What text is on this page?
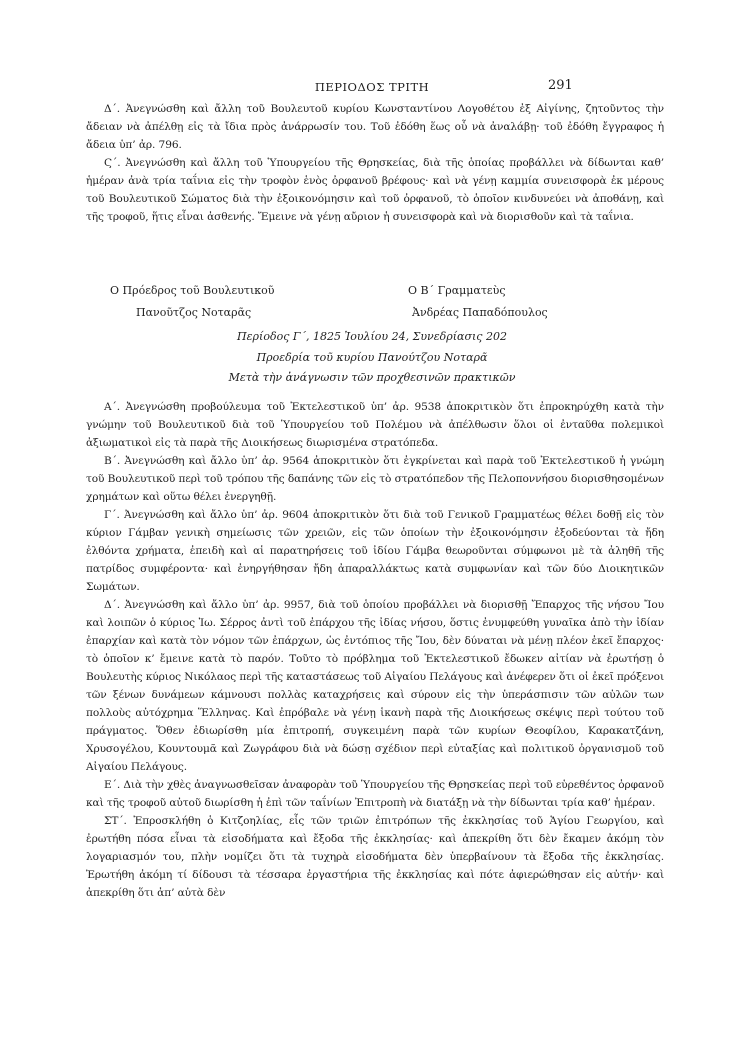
ΠΕΡΙΟΔΟΣ ΤΡΙΤΗ	291

Δ΄. Ἀνεγνώσθη καὶ ἄλλη τοῦ Βουλευτοῦ κυρίου Κωνσταντίνου Λογοθέτου ἐξ Αἰγίνης, ζητοῦντος τὴν ἄδειαν νὰ ἀπέλθῃ εἰς τὰ ἴδια πρὸς ἀνάρρωσίν του. Τοῦ ἐδόθη ἕως οὗ νὰ ἀναλάβῃ· τοῦ ἐδόθη ἔγγραφος ἡ ἄδεια ὑπ’ ἀρ. 796.

Ϛ΄. Ἀνεγνώσθη καὶ ἄλλη τοῦ Ὑπουργείου τῆς Θρησκείας, διὰ τῆς ὁποίας προβάλλει νὰ δίδωνται καθ’ ἡμέραν ἀνὰ τρία ταΐνια εἰς τὴν τροφὸν ἑνὸς ὀρφανοῦ βρέφους· καὶ νὰ γένῃ καμμία συνεισφορὰ ἐκ μέρους τοῦ Βουλευτικοῦ Σώματος διὰ τὴν ἐξοικονόμησιν καὶ τοῦ ὀρφανοῦ, τὸ ὁποῖον κινδυνεύει νὰ ἀποθάνῃ, καὶ τῆς τροφοῦ, ἥτις εἶναι ἀσθενής. Ἔμεινε νὰ γένῃ αὔριον ἡ συνεισφορὰ καὶ νὰ διορισθοῦν καὶ τὰ ταΐνια.

Ο Πρόεδρος τοῦ Βουλευτικοῦ
Πανοῦτζος Νοταρᾶς
Ο Β΄ Γραμματεὺς
Ἀνδρέας Παπαδόπουλος
Περίοδος Γ΄, 1825 Ἰουλίου 24, Συνεδρίασις 202
Προεδρία τοῦ κυρίου Πανούτζου Νοταρᾶ
Μετὰ τὴν ἀνάγνωσιν τῶν προχθεσινῶν πρακτικῶν

Α΄. Ἀνεγνώσθη προβούλευμα τοῦ Ἐκτελεστικοῦ ὑπ’ ἀρ. 9538 ἀποκριτικὸν ὅτι ἐπροκηρύχθη κατὰ τὴν γνώμην τοῦ Βουλευτικοῦ διὰ τοῦ Ὑπουργείου τοῦ Πολέμου νὰ ἀπέλθωσιν ὅλοι οἱ ἐνταῦθα πολεμικοὶ ἀξιωματικοὶ εἰς τὰ παρὰ τῆς Διοικήσεως διωρισμένα στρατόπεδα.

Β΄. Ἀνεγνώσθη καὶ ἄλλο ὑπ’ ἀρ. 9564 ἀποκριτικὸν ὅτι ἐγκρίνεται καὶ παρὰ τοῦ Ἐκτελεστικοῦ ἡ γνώμη τοῦ Βουλευτικοῦ περὶ τοῦ τρόπου τῆς δαπάνης τῶν εἰς τὸ στρατόπεδον τῆς Πελοποννήσου διορισθησομένων χρημάτων καὶ οὕτω θέλει ἐνεργηθῇ.

Γ΄. Ἀνεγνώσθη καὶ ἄλλο ὑπ’ ἀρ. 9604 ἀποκριτικὸν ὅτι διὰ τοῦ Γενικοῦ Γραμματέως θέλει δοθῇ εἰς τὸν κύριον Γάμβαν γενικὴ σημείωσις τῶν χρειῶν, εἰς τῶν ὁποίων τὴν ἐξοικονόμησιν ἐξοδεύονται τὰ ἤδη ἐλθόντα χρήματα, ἐπειδὴ καὶ αἱ παρατηρήσεις τοῦ ἰδίου Γάμβα θεωροῦνται σύμφωνοι μὲ τὰ ἀληθῆ τῆς πατρίδος συμφέροντα· καὶ ἐνηργήθησαν ἤδη ἀπαραλλάκτως κατὰ συμφωνίαν καὶ τῶν δύο Διοικητικῶν Σωμάτων.

Δ΄. Ἀνεγνώσθη καὶ ἄλλο ὑπ’ ἀρ. 9957, διὰ τοῦ ὁποίου προβάλλει νὰ διορισθῇ Ἔπαρχος τῆς νήσου Ἴου καὶ λοιπῶν ὁ κύριος Ἰω. Σέρρος ἀντὶ τοῦ ἐπάρχου τῆς ἰδίας νήσου, ὅστις ἐνυμφεύθη γυναῖκα ἀπὸ τὴν ἰδίαν ἐπαρχίαν καὶ κατὰ τὸν νόμον τῶν ἐπάρχων, ὡς ἐντόπιος τῆς Ἴου, δὲν δύναται νὰ μένῃ πλέον ἐκεῖ ἔπαρχος· τὸ ὁποῖον κ’ ἔμεινε κατὰ τὸ παρόν. Τοῦτο τὸ πρόβλημα τοῦ Ἐκτελεστικοῦ ἔδωκεν αἰτίαν νὰ ἐρωτήσῃ ὁ Βουλευτὴς κύριος Νικόλαος περὶ τῆς καταστάσεως τοῦ Αἰγαίου Πελάγους καὶ ἀνέφερεν ὅτι οἱ ἐκεῖ πρόξενοι τῶν ξένων δυνάμεων κάμνουσι πολλὰς καταχρήσεις καὶ σύρουν εἰς τὴν ὑπεράσπισιν τῶν αὐλῶν των πολλοὺς αὐτόχρημα Ἕλληνας. Καὶ ἐπρόβαλε νὰ γένῃ ἱκανὴ παρὰ τῆς Διοικήσεως σκέψις περὶ τούτου τοῦ πράγματος. Ὅθεν ἐδιωρίσθη μία ἐπιτροπή, συγκειμένη παρὰ τῶν κυρίων Θεοφίλου, Καρακατζάνη, Χρυσογέλου, Κουντουμᾶ καὶ Ζωγράφου διὰ νὰ δώσῃ σχέδιον περὶ εὐταξίας καὶ πολιτικοῦ ὀργανισμοῦ τοῦ Αἰγαίου Πελάγους.

Ε΄. Διὰ τὴν χθὲς ἀναγνωσθεῖσαν ἀναφορὰν τοῦ Ὑπουργείου τῆς Θρησκείας περὶ τοῦ εὑρεθέντος ὀρφανοῦ καὶ τῆς τροφοῦ αὐτοῦ διωρίσθη ἡ ἐπὶ τῶν ταΐνίων Ἐπιτροπὴ νὰ διατάξῃ νὰ τὴν δίδωνται τρία καθ’ ἡμέραν.

ΣΤ΄. Ἐπροσκλήθη ὁ Κιτζοηλίας, εἷς τῶν τριῶν ἐπιτρόπων τῆς ἐκκλησίας τοῦ Ἁγίου Γεωργίου, καὶ ἐρωτήθη πόσα εἶναι τὰ εἰσοδήματα καὶ ἔξοδα τῆς ἐκκλησίας· καὶ ἀπεκρίθη ὅτι δὲν ἔκαμεν ἀκόμη τὸν λογαριασμόν του, πλὴν νομίζει ὅτι τὰ τυχηρὰ εἰσοδήματα δὲν ὑπερβαίνουν τὰ ἔξοδα τῆς ἐκκλησίας. Ἐρωτήθη ἀκόμη τί δίδουσι τὰ τέσσαρα ἐργαστήρια τῆς ἐκκλησίας καὶ πότε ἀφιερώθησαν εἰς αὐτήν· καὶ ἀπεκρίθη ὅτι ἀπ’ αὐτὰ δὲν
